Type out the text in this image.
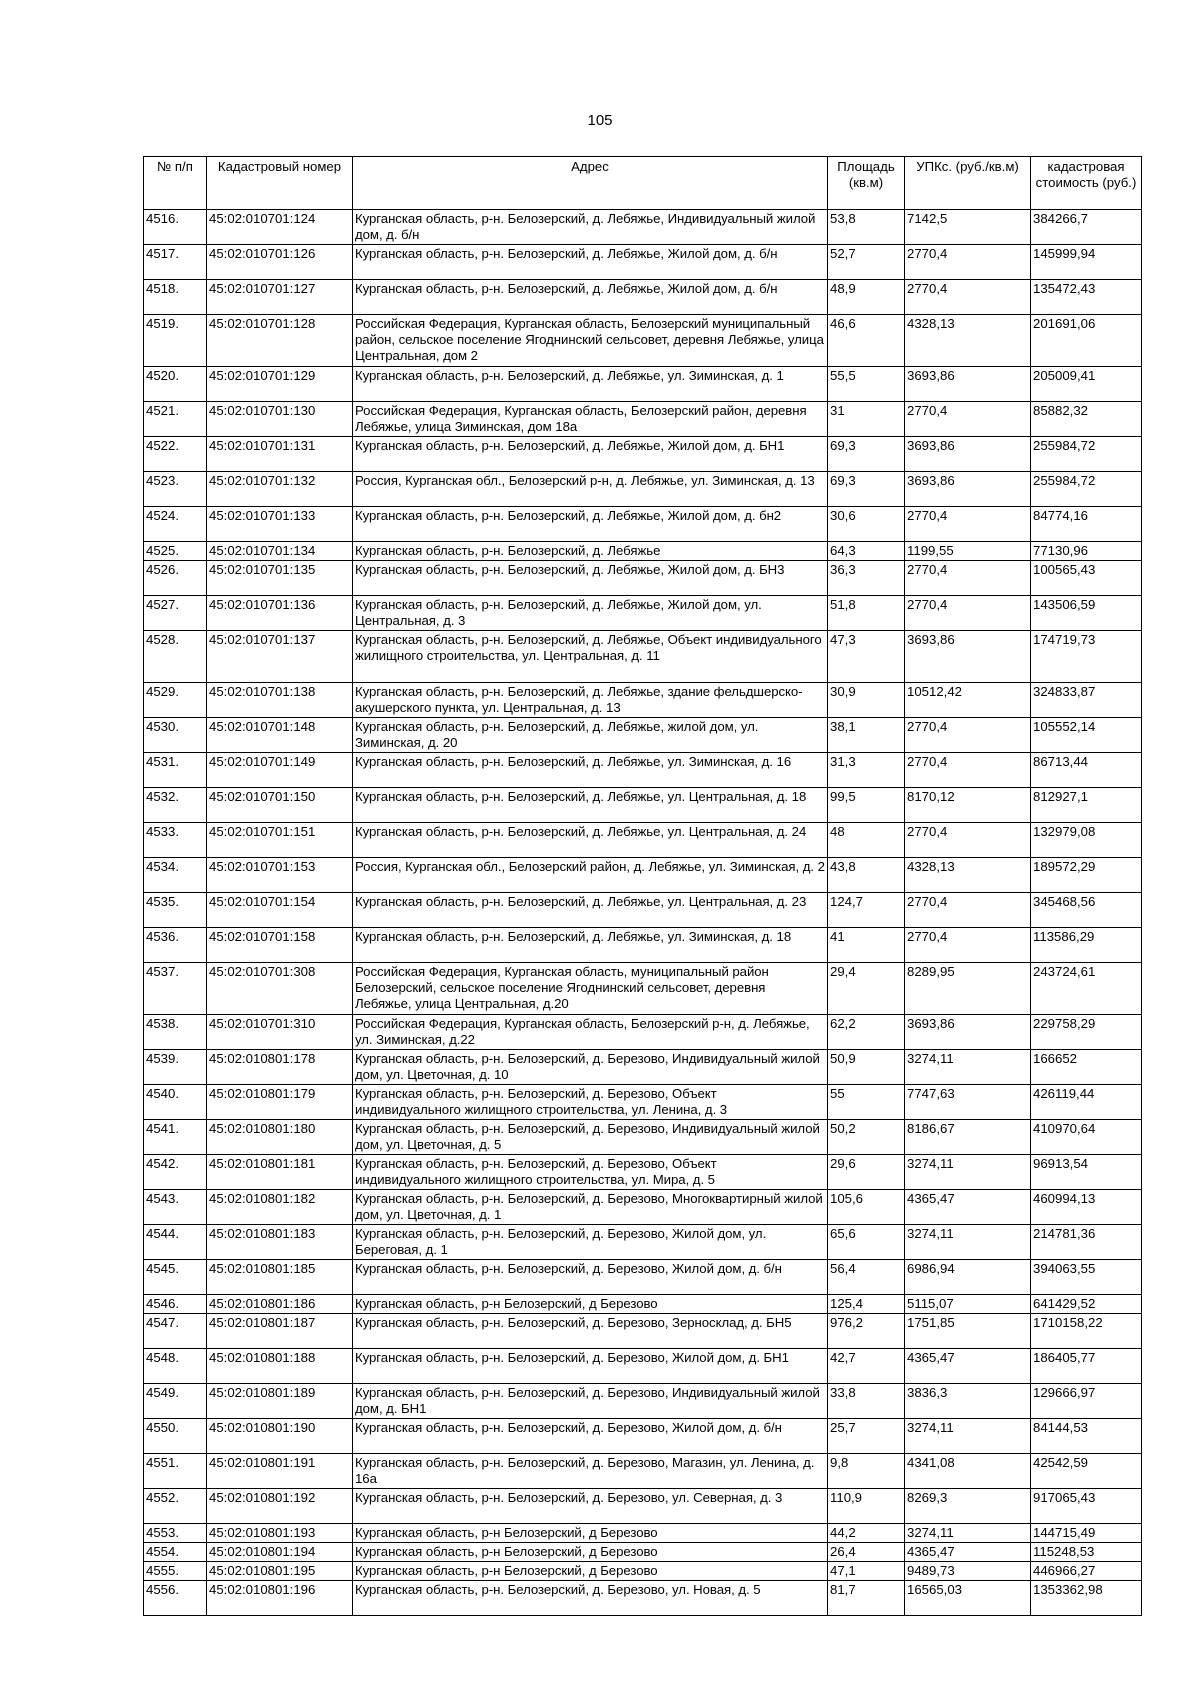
105
№ п/п	Кадастровый номер	Адрес	Площадь (кв.м)	УПКс. (руб./кв.м)	кадастровая стоимость (руб.)
4516.	45:02:010701:124	Курганская область, р-н. Белозерский, д. Лебяжье, Индивидуальный жилой дом, д. б/н	53,8	7142,5	384266,7
4517.	45:02:010701:126	Курганская область, р-н. Белозерский, д. Лебяжье, Жилой дом, д. б/н	52,7	2770,4	145999,94
4518.	45:02:010701:127	Курганская область, р-н. Белозерский, д. Лебяжье, Жилой дом, д. б/н	48,9	2770,4	135472,43
4519.	45:02:010701:128	Российская Федерация, Курганская область, Белозерский муниципальный район, сельское поселение Ягоднинский сельсовет, деревня Лебяжье, улица Центральная, дом 2	46,6	4328,13	201691,06
4520.	45:02:010701:129	Курганская область, р-н. Белозерский, д. Лебяжье, ул. Зиминская, д. 1	55,5	3693,86	205009,41
4521.	45:02:010701:130	Российская Федерация, Курганская область, Белозерский район, деревня Лебяжье, улица Зиминская, дом 18а	31	2770,4	85882,32
4522.	45:02:010701:131	Курганская область, р-н. Белозерский, д. Лебяжье, Жилой дом, д. БН1	69,3	3693,86	255984,72
4523.	45:02:010701:132	Россия, Курганская обл., Белозерский р-н, д. Лебяжье, ул. Зиминская, д. 13	69,3	3693,86	255984,72
4524.	45:02:010701:133	Курганская область, р-н. Белозерский, д. Лебяжье, Жилой дом, д. бн2	30,6	2770,4	84774,16
4525.	45:02:010701:134	Курганская область, р-н. Белозерский, д. Лебяжье	64,3	1199,55	77130,96
4526.	45:02:010701:135	Курганская область, р-н. Белозерский, д. Лебяжье, Жилой дом, д. БН3	36,3	2770,4	100565,43
4527.	45:02:010701:136	Курганская область, р-н. Белозерский, д. Лебяжье, Жилой дом, ул. Центральная, д. 3	51,8	2770,4	143506,59
4528.	45:02:010701:137	Курганская область, р-н. Белозерский, д. Лебяжье, Объект индивидуального жилищного строительства, ул. Центральная, д. 11	47,3	3693,86	174719,73
4529.	45:02:010701:138	Курганская область, р-н. Белозерский, д. Лебяжье, здание фельдшерско-акушерского пункта, ул. Центральная, д. 13	30,9	10512,42	324833,87
4530.	45:02:010701:148	Курганская область, р-н. Белозерский, д. Лебяжье, жилой дом, ул. Зиминская, д. 20	38,1	2770,4	105552,14
4531.	45:02:010701:149	Курганская область, р-н. Белозерский, д. Лебяжье, ул. Зиминская, д. 16	31,3	2770,4	86713,44
4532.	45:02:010701:150	Курганская область, р-н. Белозерский, д. Лебяжье, ул. Центральная, д. 18	99,5	8170,12	812927,1
4533.	45:02:010701:151	Курганская область, р-н. Белозерский, д. Лебяжье, ул. Центральная, д. 24	48	2770,4	132979,08
4534.	45:02:010701:153	Россия, Курганская обл., Белозерский район, д. Лебяжье, ул. Зиминская, д. 2	43,8	4328,13	189572,29
4535.	45:02:010701:154	Курганская область, р-н. Белозерский, д. Лебяжье, ул. Центральная, д. 23	124,7	2770,4	345468,56
4536.	45:02:010701:158	Курганская область, р-н. Белозерский, д. Лебяжье, ул. Зиминская, д. 18	41	2770,4	113586,29
4537.	45:02:010701:308	Российская Федерация, Курганская область, муниципальный район Белозерский, сельское поселение Ягоднинский сельсовет, деревня Лебяжье, улица Центральная, д.20	29,4	8289,95	243724,61
4538.	45:02:010701:310	Российская Федерация, Курганская область, Белозерский р-н, д. Лебяжье, ул. Зиминская, д.22	62,2	3693,86	229758,29
4539.	45:02:010801:178	Курганская область, р-н. Белозерский, д. Березово, Индивидуальный жилой дом, ул. Цветочная, д. 10	50,9	3274,11	166652
4540.	45:02:010801:179	Курганская область, р-н. Белозерский, д. Березово, Объект индивидуального жилищного строительства, ул. Ленина, д. 3	55	7747,63	426119,44
4541.	45:02:010801:180	Курганская область, р-н. Белозерский, д. Березово, Индивидуальный жилой дом, ул. Цветочная, д. 5	50,2	8186,67	410970,64
4542.	45:02:010801:181	Курганская область, р-н. Белозерский, д. Березово, Объект индивидуального жилищного строительства, ул. Мира, д. 5	29,6	3274,11	96913,54
4543.	45:02:010801:182	Курганская область, р-н. Белозерский, д. Березово, Многоквартирный жилой дом, ул. Цветочная, д. 1	105,6	4365,47	460994,13
4544.	45:02:010801:183	Курганская область, р-н. Белозерский, д. Березово, Жилой дом, ул. Береговая, д. 1	65,6	3274,11	214781,36
4545.	45:02:010801:185	Курганская область, р-н. Белозерский, д. Березово, Жилой дом, д. б/н	56,4	6986,94	394063,55
4546.	45:02:010801:186	Курганская область, р-н Белозерский, д Березово	125,4	5115,07	641429,52
4547.	45:02:010801:187	Курганская область, р-н. Белозерский, д. Березово, Зерносклад, д. БН5	976,2	1751,85	1710158,22
4548.	45:02:010801:188	Курганская область, р-н. Белозерский, д. Березово, Жилой дом, д. БН1	42,7	4365,47	186405,77
4549.	45:02:010801:189	Курганская область, р-н. Белозерский, д. Березово, Индивидуальный жилой дом, д. БН1	33,8	3836,3	129666,97
4550.	45:02:010801:190	Курганская область, р-н. Белозерский, д. Березово, Жилой дом, д. б/н	25,7	3274,11	84144,53
4551.	45:02:010801:191	Курганская область, р-н. Белозерский, д. Березово, Магазин, ул. Ленина, д. 16а	9,8	4341,08	42542,59
4552.	45:02:010801:192	Курганская область, р-н. Белозерский, д. Березово, ул. Северная, д. 3	110,9	8269,3	917065,43
4553.	45:02:010801:193	Курганская область, р-н Белозерский, д Березово	44,2	3274,11	144715,49
4554.	45:02:010801:194	Курганская область, р-н Белозерский, д Березово	26,4	4365,47	115248,53
4555.	45:02:010801:195	Курганская область, р-н Белозерский, д Березово	47,1	9489,73	446966,27
4556.	45:02:010801:196	Курганская область, р-н. Белозерский, д. Березово, ул. Новая, д. 5	81,7	16565,03	1353362,98
